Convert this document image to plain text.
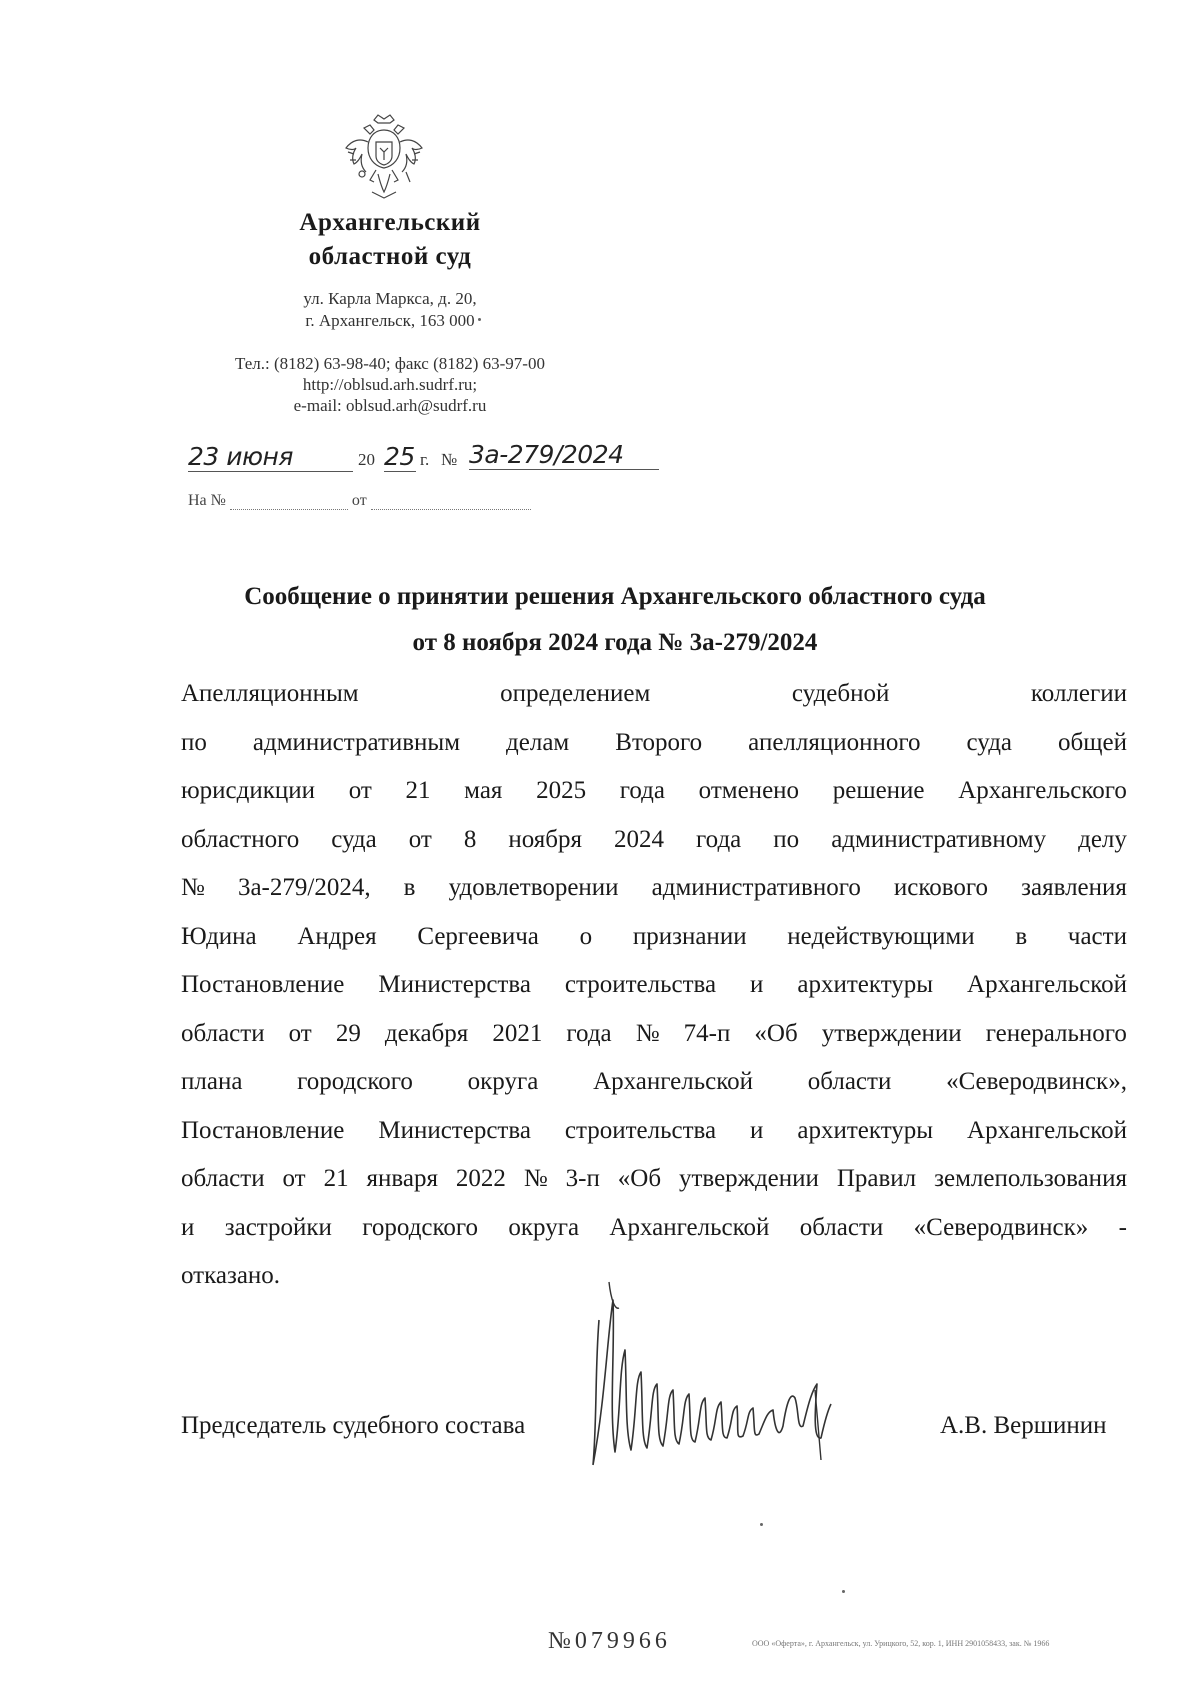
Архангельский
областной суд
ул. Карла Маркса, д. 20,
г. Архангельск, 163 000
Тел.: (8182) 63-98-40; факс (8182) 63-97-00
http://oblsud.arh.sudrf.ru;
e-mail: oblsud.arh@sudrf.ru
23 июня	20 25 г. № 3а-279/2024
На №	от
Сообщение о принятии решения Архангельского областного суда
от 8 ноября 2024 года № 3а-279/2024
Апелляционным	определением	судебной	коллегии
по административным делам Второго апелляционного суда общей
юрисдикции от 21 мая 2025 года отменено решение Архангельского
областного суда от 8 ноября 2024 года по административному делу
№ 3а-279/2024, в удовлетворении административного искового заявления
Юдина Андрея Сергеевича о признании недействующими в части
Постановление Министерства строительства и архитектуры Архангельской
области от 29 декабря 2021 года № 74-п «Об утверждении генерального
плана городского округа Архангельской области «Северодвинск»,
Постановление Министерства строительства и архитектуры Архангельской
области от 21 января 2022 № 3-п «Об утверждении Правил землепользования
и застройки городского округа Архангельской области «Северодвинск» -
отказано.
Председатель судебного состава	А.В. Вершинин
№079966	ООО «Оферта», г. Архангельск, ул. Урицкого, 52, кор. 1, ИНН 2901058433, зак. № 1966
